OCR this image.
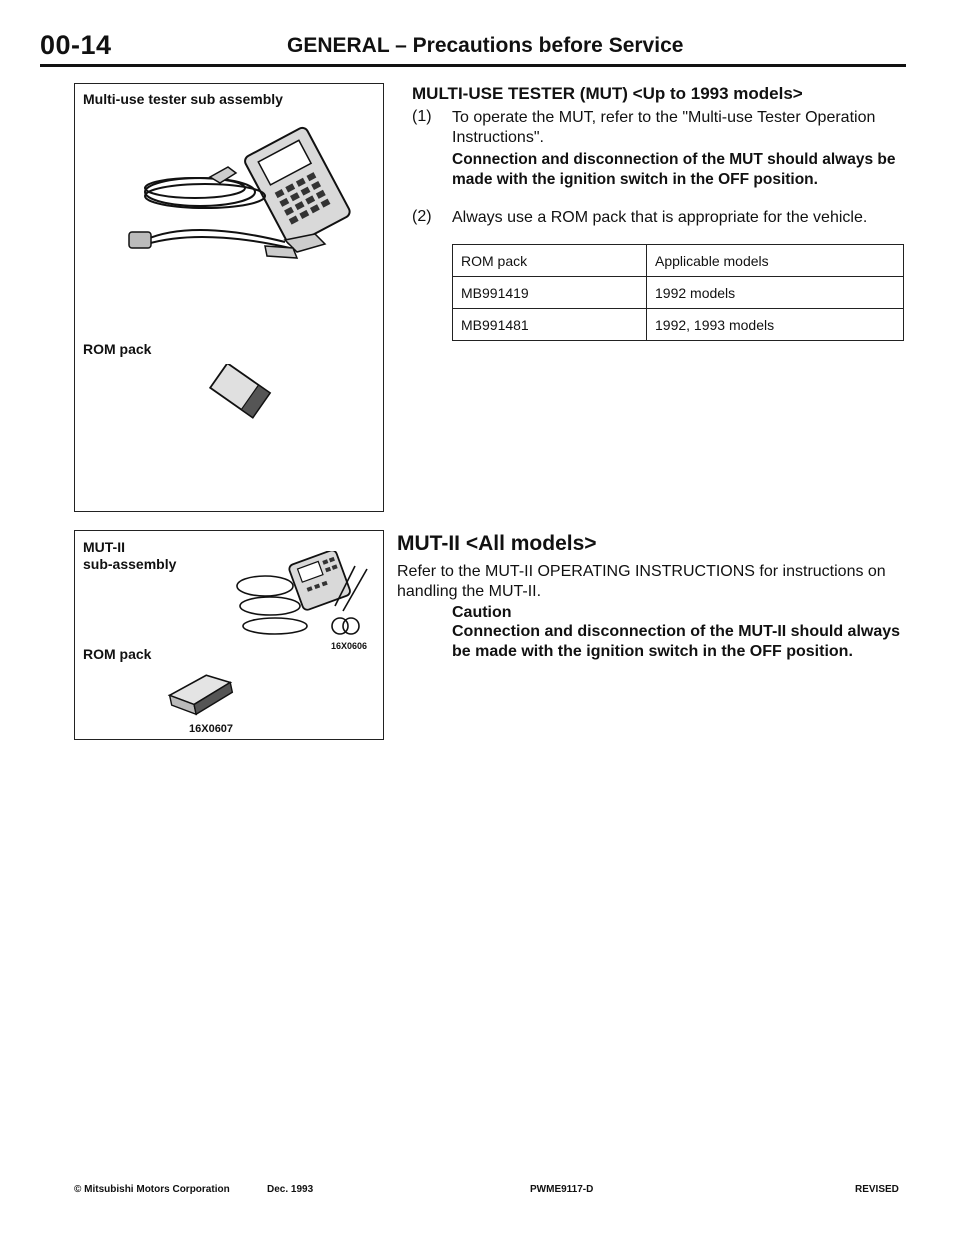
00-14	GENERAL – Precautions before Service
Multi-use tester sub assembly
ROM pack
MUT-II
sub-assembly
16X0606
ROM pack
16X0607
MULTI-USE TESTER (MUT) <Up to 1993 models>
(1) To operate the MUT, refer to the "Multi-use Tester Operation Instructions".
Connection and disconnection of the MUT should always be made with the ignition switch in the OFF position.
(2) Always use a ROM pack that is appropriate for the vehicle.
ROM pack	Applicable models
MB991419	1992 models
MB991481	1992, 1993 models
MUT-II <All models>
Refer to the MUT-II OPERATING INSTRUCTIONS for instructions on handling the MUT-II.
Caution
Connection and disconnection of the MUT-II should always be made with the ignition switch in the OFF position.
© Mitsubishi Motors Corporation	Dec. 1993	PWME9117-D	REVISED
